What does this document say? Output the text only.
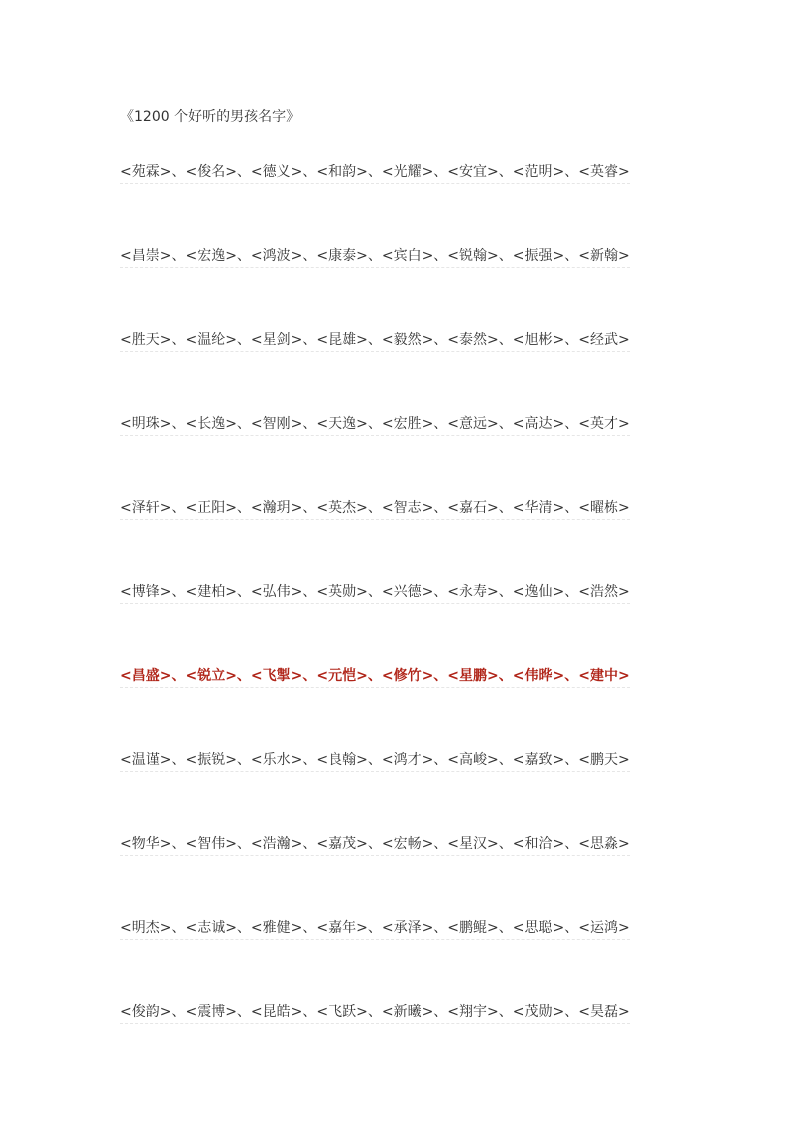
《1200 个好听的男孩名字》
<苑霖>、<俊名>、<德义>、<和韵>、<光耀>、<安宜>、<范明>、<英睿>
<昌崇>、<宏逸>、<鸿波>、<康泰>、<宾白>、<锐翰>、<振强>、<新翰>
<胜天>、<温纶>、<星剑>、<昆雄>、<毅然>、<泰然>、<旭彬>、<经武>
<明珠>、<长逸>、<智刚>、<天逸>、<宏胜>、<意远>、<高达>、<英才>
<泽轩>、<正阳>、<瀚玥>、<英杰>、<智志>、<嘉石>、<华清>、<曜栋>
<博锋>、<建柏>、<弘伟>、<英勋>、<兴德>、<永寿>、<逸仙>、<浩然>
<昌盛>、<锐立>、<飞掣>、<元恺>、<修竹>、<星鹏>、<伟晔>、<建中>
<温谨>、<振锐>、<乐水>、<良翰>、<鸿才>、<高峻>、<嘉致>、<鹏天>
<物华>、<智伟>、<浩瀚>、<嘉茂>、<宏畅>、<星汉>、<和洽>、<思淼>
<明杰>、<志诚>、<雅健>、<嘉年>、<承泽>、<鹏鲲>、<思聪>、<运鸿>
<俊韵>、<震博>、<昆皓>、<飞跃>、<新曦>、<翔宇>、<茂勋>、<昊磊>
